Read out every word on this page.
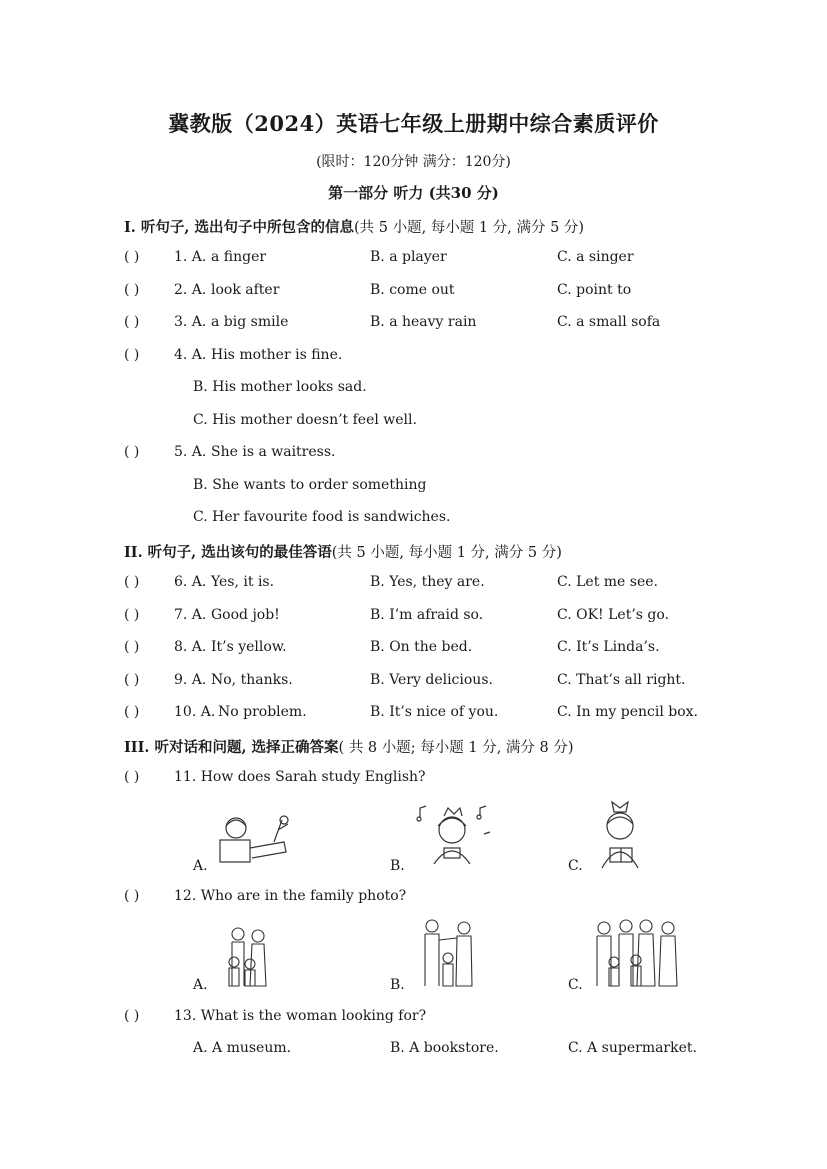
冀教版（2024）英语七年级上册期中综合素质评价
(限时：120分钟 满分：120分)
第一部分 听力 (共30 分)
I. 听句子, 选出句子中所包含的信息(共 5 小题, 每小题 1 分, 满分 5 分)
( ) 1. A. a finger	B. a player	C. a singer
( ) 2. A. look after	B. come out	C. point to
( ) 3. A. a big smile	B. a heavy rain	C. a small sofa
( ) 4. A. His mother is fine.
B. His mother looks sad.
C. His mother doesn’t feel well.
( ) 5. A. She is a waitress.
B. She wants to order something
C. Her favourite food is sandwiches.
II. 听句子, 选出该句的最佳答语(共 5 小题, 每小题 1 分, 满分 5 分)
( ) 6. A. Yes, it is.	B. Yes, they are.	C. Let me see.
( ) 7. A. Good job!	B. I’m afraid so.	C. OK! Let’s go.
( ) 8. A. It’s yellow.	B. On the bed.	C. It’s Linda’s.
( ) 9. A. No, thanks.	B. Very delicious.	C. That’s all right.
( ) 10. A. No problem.	B. It’s nice of you.	C. In my pencil box.
III. 听对话和问题, 选择正确答案( 共 8 小题; 每小题 1 分, 满分 8 分)
( ) 11. How does Sarah study English?
A.	B.	C.
( ) 12. Who are in the family photo?
A.	B.	C.
( ) 13. What is the woman looking for?
A. A museum.	B. A bookstore.	C. A supermarket.
